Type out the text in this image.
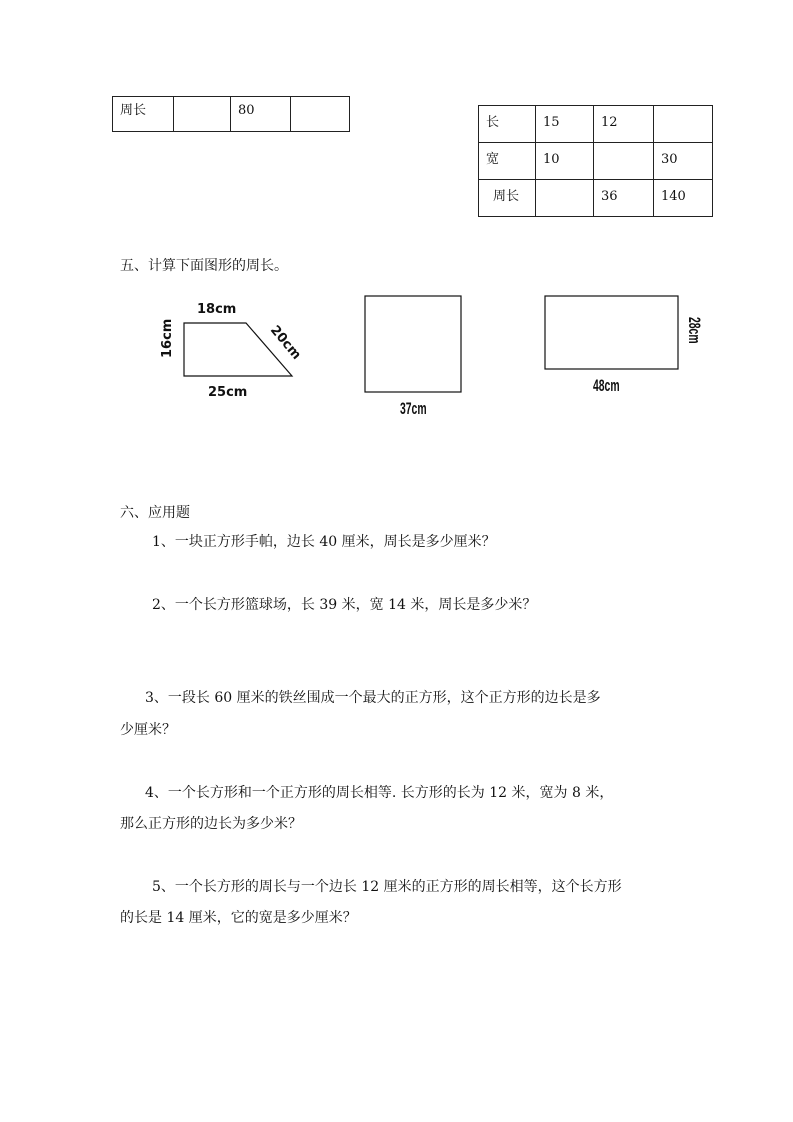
周长		80	
长	15	12	
宽	10		30
周长		36	140
五、计算下面图形的周长。
18cm
16cm	20cm
25cm
37cm
28cm
48cm
六、应用题
1、一块正方形手帕，边长 40 厘米，周长是多少厘米？
2、一个长方形篮球场，长 39 米，宽 14 米，周长是多少米？
3、一段长 60 厘米的铁丝围成一个最大的正方形，这个正方形的边长是多
少厘米？
4、一个长方形和一个正方形的周长相等. 长方形的长为 12 米，宽为 8 米，
那么正方形的边长为多少米？
5、一个长方形的周长与一个边长 12 厘米的正方形的周长相等，这个长方形
的长是 14 厘米，它的宽是多少厘米？
